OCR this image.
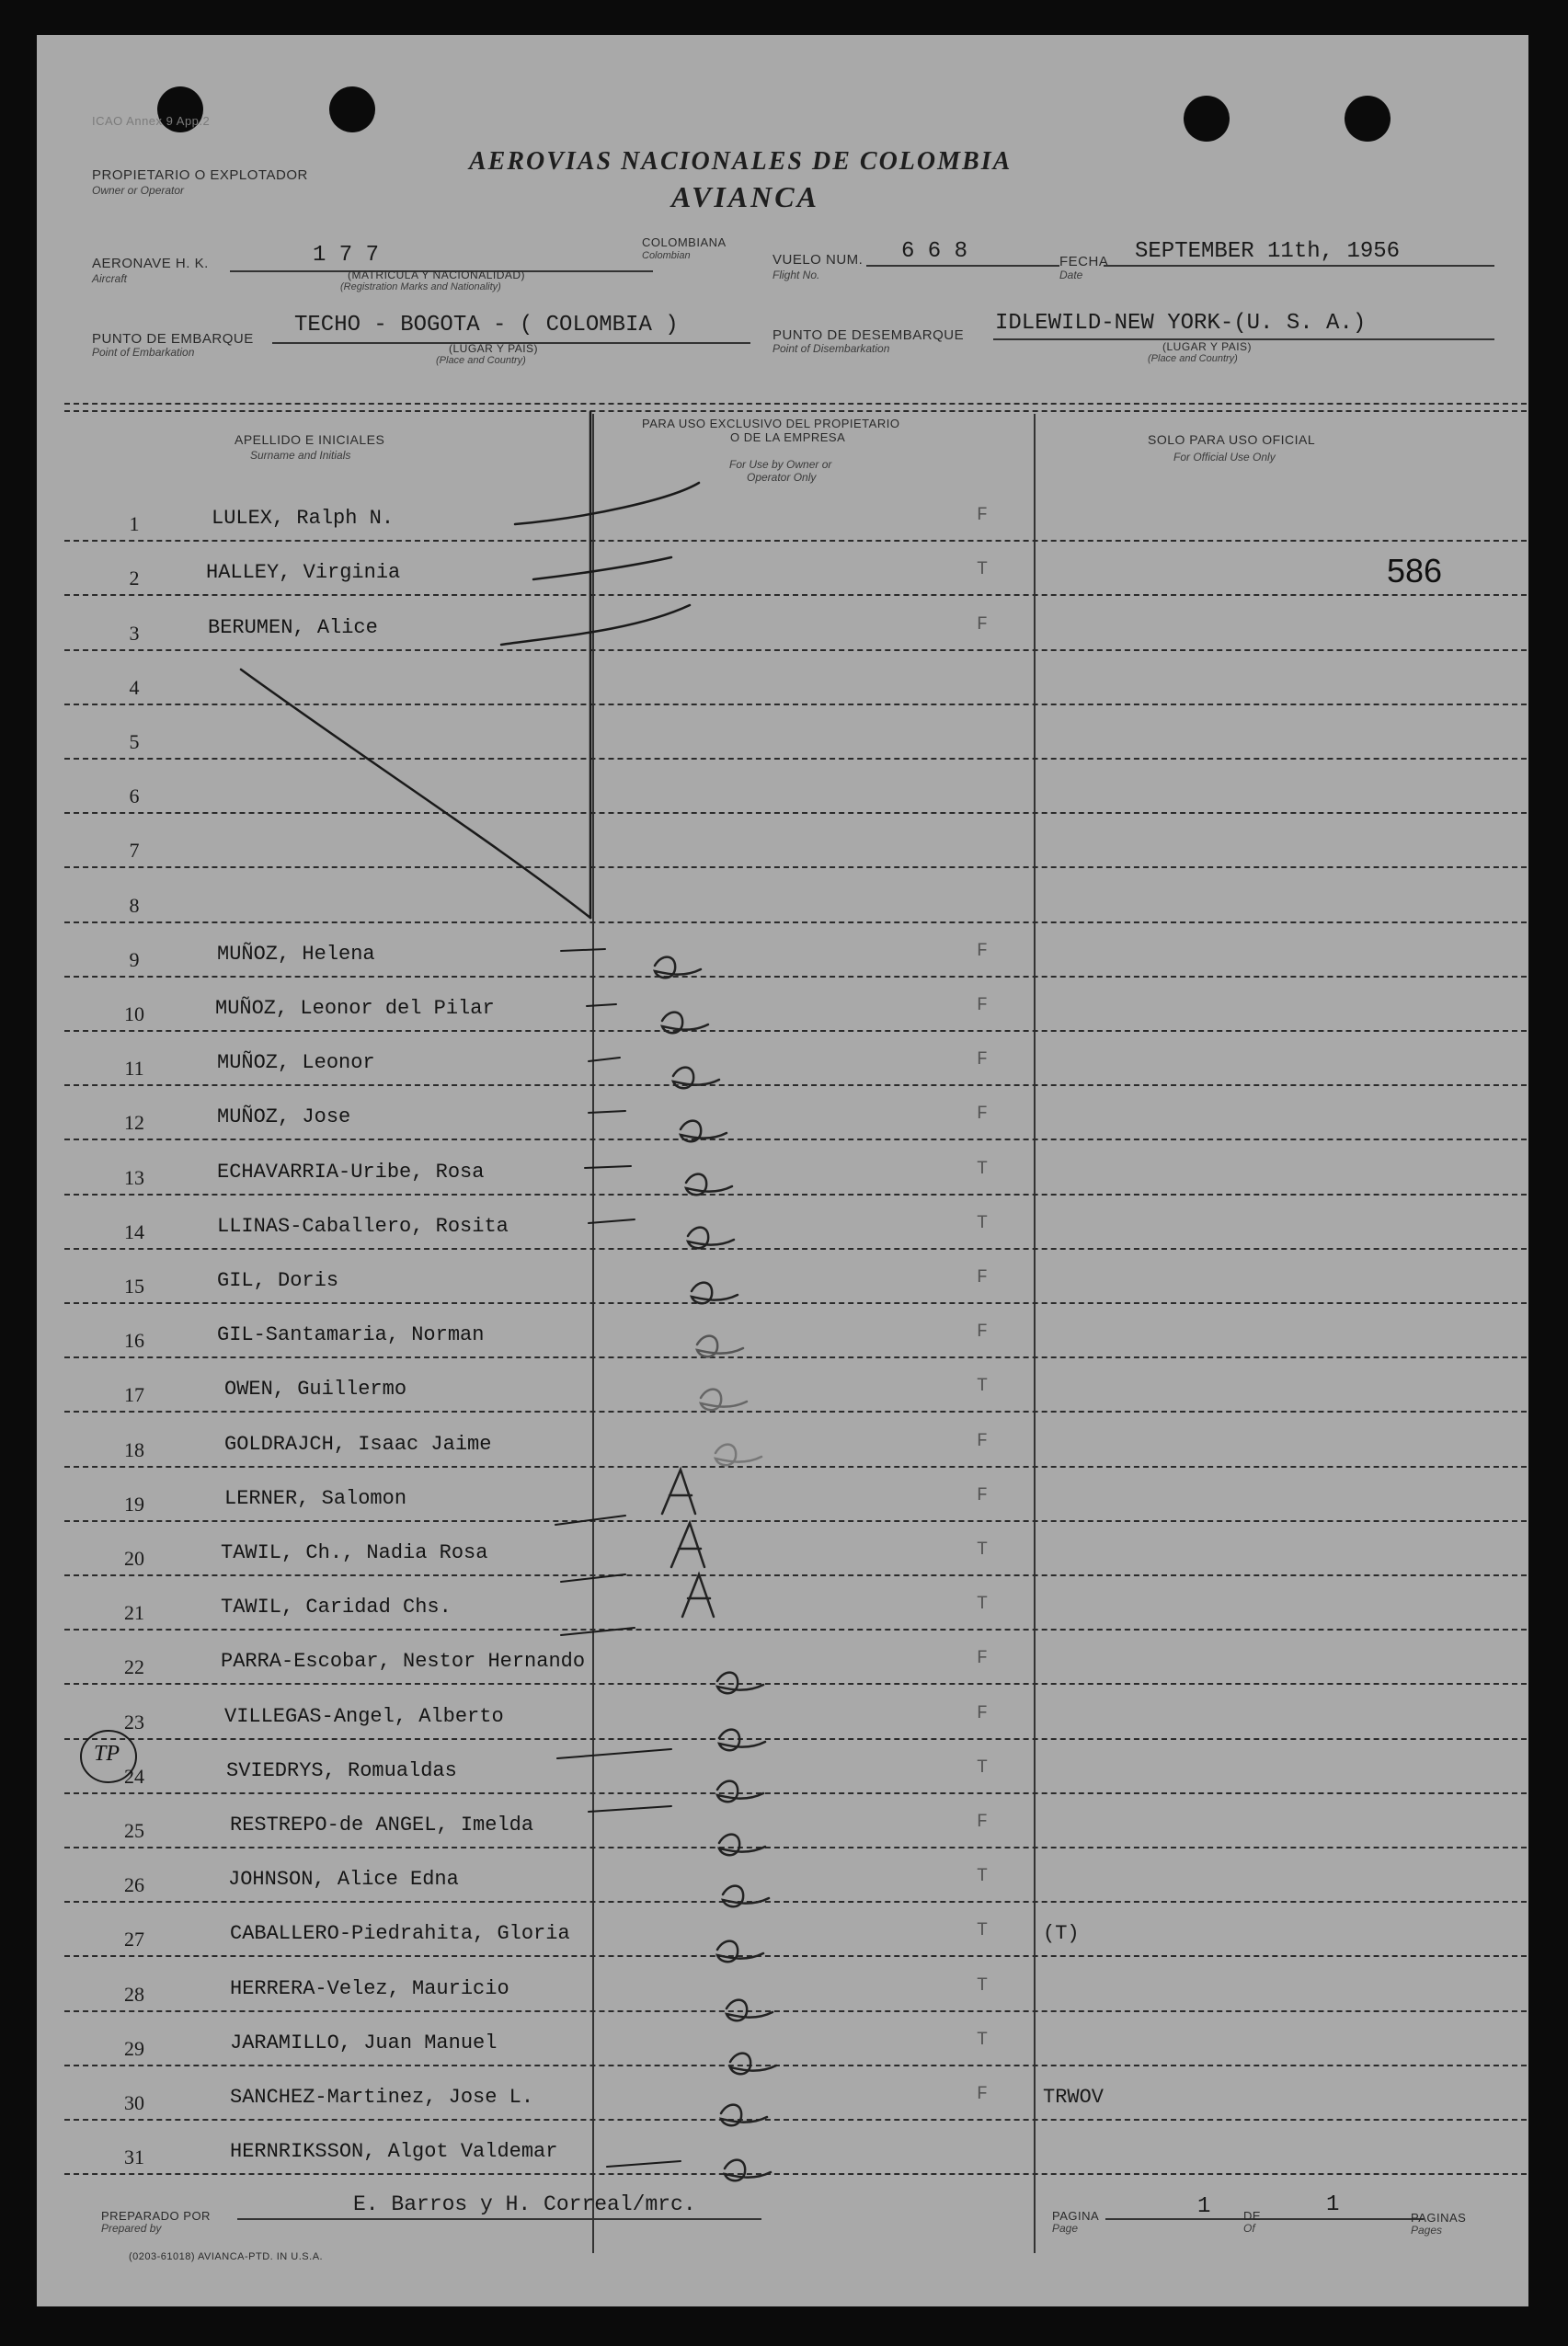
ICAO Annex 9 App.2
AEROVIAS NACIONALES DE COLOMBIA
AVIANCA
PROPIETARIO O EXPLOTADOR
Owner or Operator
AERONAVE H. K.
Aircraft
1 7 7
(MATRICULA Y NACIONALIDAD)
(Registration Marks and Nationality)
COLOMBIANA
Colombian	VUELO NUM.
Flight No.
6 6 8	FECHA
Date
SEPTEMBER 11th, 1956
PUNTO DE EMBARQUE
Point of Embarkation
TECHO - BOGOTA - ( COLOMBIA )
(LUGAR Y PAIS)
(Place and Country)
PUNTO DE DESEMBARQUE
Point of Disembarkation
IDLEWILD-NEW YORK-(U. S. A.)
(LUGAR Y PAIS)
(Place and Country)
APELLIDO E INICIALES
Surname and Initials
PARA USO EXCLUSIVO DEL PROPIETARIO
O DE LA EMPRESA
For Use by Owner or
Operator Only
SOLO PARA USO OFICIAL
For Official Use Only
586
1	LULEX, Ralph N.	F
2	HALLEY, Virginia	T
3	BERUMEN, Alice	F
4
5
6
7
8
9	MUÑOZ, Helena	F
10	MUÑOZ, Leonor del Pilar	F
11	MUÑOZ, Leonor	F
12	MUÑOZ, Jose	F
13	ECHAVARRIA-Uribe, Rosa	T
14	LLINAS-Caballero, Rosita	T
15	GIL, Doris	F
16	GIL-Santamaria, Norman	F
17	OWEN, Guillermo	T
18	GOLDRAJCH, Isaac Jaime	F
19	LERNER, Salomon	F
20	TAWIL, Ch., Nadia Rosa	T
21	TAWIL, Caridad Chs.	T
22	PARRA-Escobar, Nestor Hernando	F
23	VILLEGAS-Angel, Alberto	F
24	SVIEDRYS, Romualdas	T
25	RESTREPO-de ANGEL, Imelda	F
26	JOHNSON, Alice Edna	T
27	CABALLERO-Piedrahita, Gloria	T	(T)
28	HERRERA-Velez, Mauricio	T
29	JARAMILLO, Juan Manuel	T
30	SANCHEZ-Martinez, Jose L.	F	TRWOV
31	HERNRIKSSON, Algot Valdemar
TP
PREPARADO POR
Prepared by
E. Barros y H. Correal/mrc.	PAGINA
Page
1	DE
Of
1
PAGINAS
Pages
(0203-61018) AVIANCA-PTD. IN U.S.A.
